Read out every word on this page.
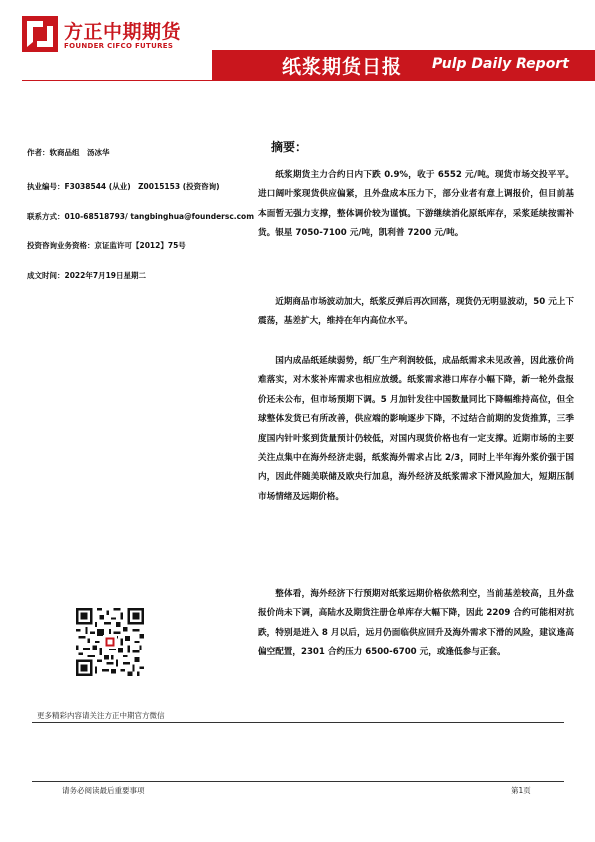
方正中期期货
FOUNDER CIFCO FUTURES
纸浆期货日报 Pulp Daily Report
作者：软商品组　汤冰华
执业编号：F3038544 (从业)　Z0015153 (投资咨询)
联系方式：010-68518793/ tangbinghua@foundersc.com
投资咨询业务资格：京证监许可【2012】75号
成文时间：2022年7月19日星期二
更多精彩内容请关注方正中期官方微信
摘要：

纸浆期货主力合约日内下跌 0.9%，收于 6552 元/吨。现货市场交投平平。进口阔叶浆现货供应偏紧，且外盘成本压力下，部分业者有意上调报价，但目前基本面暂无强力支撑，整体调价较为谨慎。下游继续消化原纸库存，采浆延续按需补货。银星 7050-7100 元/吨，凯利普 7200 元/吨。

近期商品市场波动加大，纸浆反弹后再次回落，现货仍无明显波动，50 元上下震荡，基差扩大，维持在年内高位水平。

国内成品纸延续弱势，纸厂生产利润较低，成品纸需求未见改善，因此涨价尚难落实，对木浆补库需求也相应放缓。纸浆需求港口库存小幅下降，新一轮外盘报价还未公布，但市场预期下调。5 月加针发往中国数量同比下降幅维持高位，但全球整体发货已有所改善，供应端的影响逐步下降，不过结合前期的发货推算，三季度国内针叶浆到货量预计仍较低，对国内现货价格也有一定支撑。近期市场的主要关注点集中在海外经济走弱，纸浆海外需求占比 2/3，同时上半年海外浆价强于国内，因此伴随美联储及欧央行加息，海外经济及纸浆需求下滑风险加大，短期压制市场情绪及远期价格。

整体看，海外经济下行预期对纸浆远期价格依然利空，当前基差较高，且外盘报价尚未下调，高陆水及期货注册仓单库存大幅下降，因此 2209 合约可能相对抗跌，特别是进入 8 月以后，远月仍面临供应回升及海外需求下滑的风险，建议逢高偏空配置，2301 合约压力 6500-6700 元，或逢低参与正套。

请务必阅读最后重要事项	第1页
